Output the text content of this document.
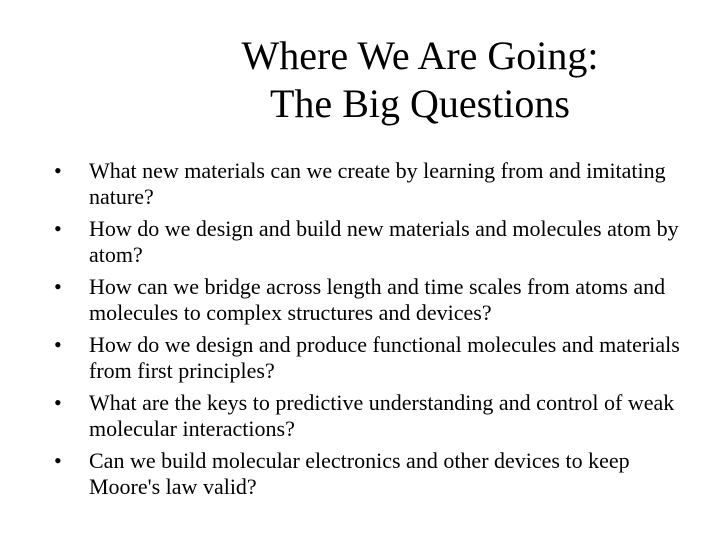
Where We Are Going:
The Big Questions
•	What new materials can we create by learning from and imitating nature?
•	How do we design and build new materials and molecules atom by atom?
•	How can we bridge across length and time scales from atoms and molecules to complex structures and devices?
•	How do we design and produce functional molecules and materials from first principles?
•	What are the keys to predictive understanding and control of weak molecular interactions?
•	Can we build molecular electronics and other devices to keep Moore's law valid?
